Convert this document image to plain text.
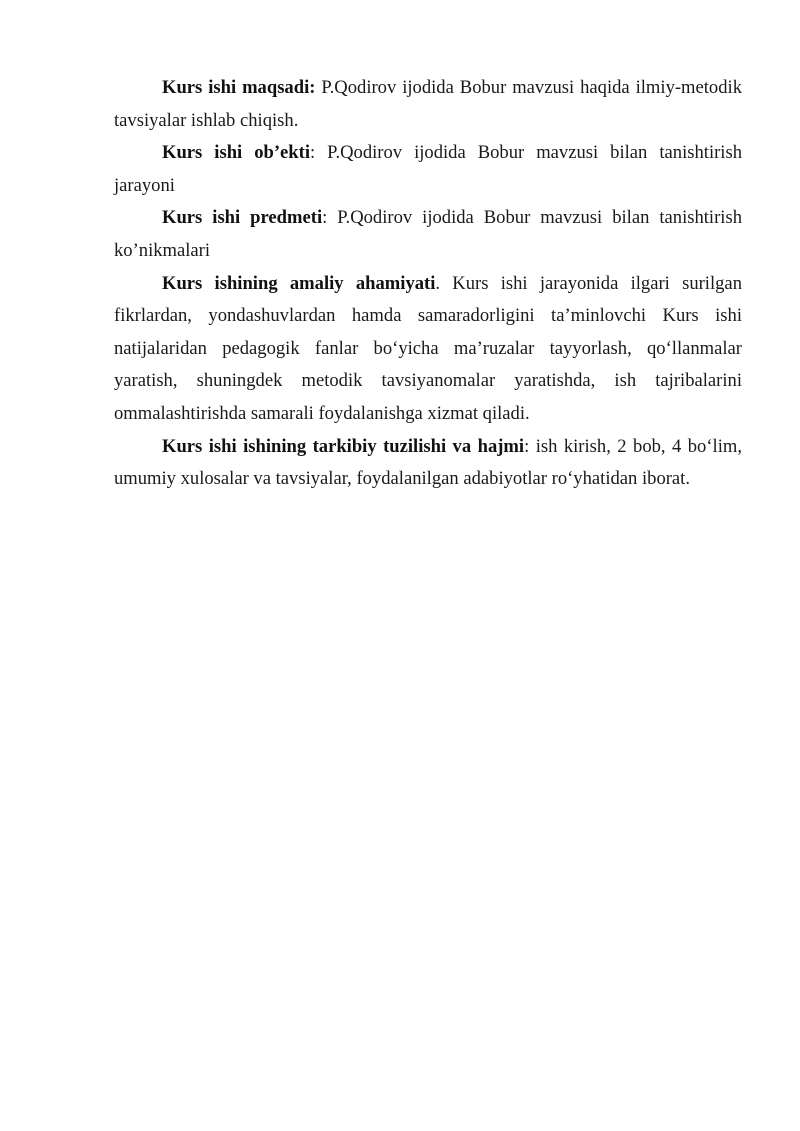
Kurs ishi maqsadi: P.Qodirov ijodida Bobur mavzusi haqida ilmiy-metodik tavsiyalar ishlab chiqish.

Kurs ishi ob’ekti: P.Qodirov ijodida Bobur mavzusi bilan tanishtirish jarayoni

Kurs ishi predmeti: P.Qodirov ijodida Bobur mavzusi bilan tanishtirish ko’nikmalari

Kurs ishining amaliy ahamiyati. Kurs ishi jarayonida ilgari surilgan fikrlardan, yondashuvlardan hamda samaradorligini ta’minlovchi Kurs ishi natijalaridan pedagogik fanlar bo‘yicha ma’ruzalar tayyorlash, qo‘llanmalar yaratish, shuningdek metodik tavsiyanomalar yaratishda, ish tajribalarini ommalashtirishda samarali foydalanishga xizmat qiladi.

Kurs ishi ishining tarkibiy tuzilishi va hajmi: ish kirish, 2 bob, 4 bo‘lim, umumiy xulosalar va tavsiyalar, foydalanilgan adabiyotlar ro‘yhatidan iborat.
